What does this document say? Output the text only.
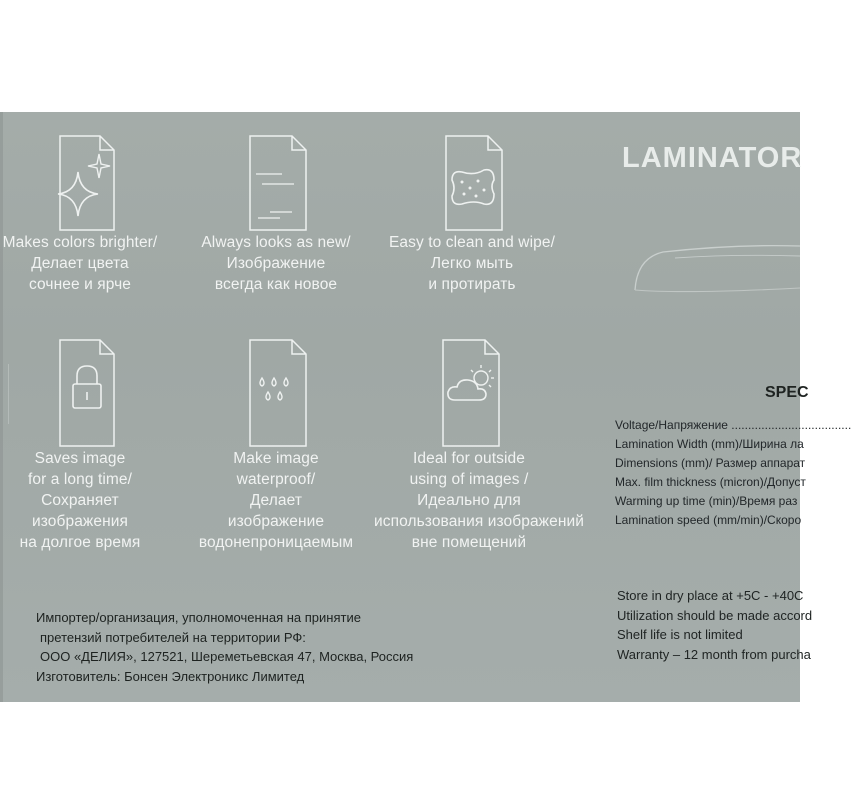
Makes colors brighter/
Делает цвета
сочнее и ярче
Always looks as new/
Изображение
всегда как новое
Easy to clean and wipe/
Легко мыть
и протирать
Saves image
for a long time/
Сохраняет
изображения
на долгое время
Make image
waterproof/
Делает
изображение
водонепроницаемым
Ideal for outside
using of images /
Идеально для
использования изображений
вне помещений
LAMINATOR
SPEC
Voltage/Напряжение ....................................
Lamination Width (mm)/Ширина ла
Dimensions (mm)/ Размер аппарат
Max. film thickness (micron)/Допуст
Warming up time (min)/Время раз
Lamination speed (mm/min)/Скоро
Store in dry place at +5C - +40C
Utilization should be made accord
Shelf life is not limited
Warranty – 12 month from purcha
Импортер/организация, уполномоченная на принятие
претензий потребителей на территории РФ:
ООО «ДЕЛИЯ», 127521, Шереметьевская 47, Москва, Россия
Изготовитель: Бонсен Электроникс Лимитед
